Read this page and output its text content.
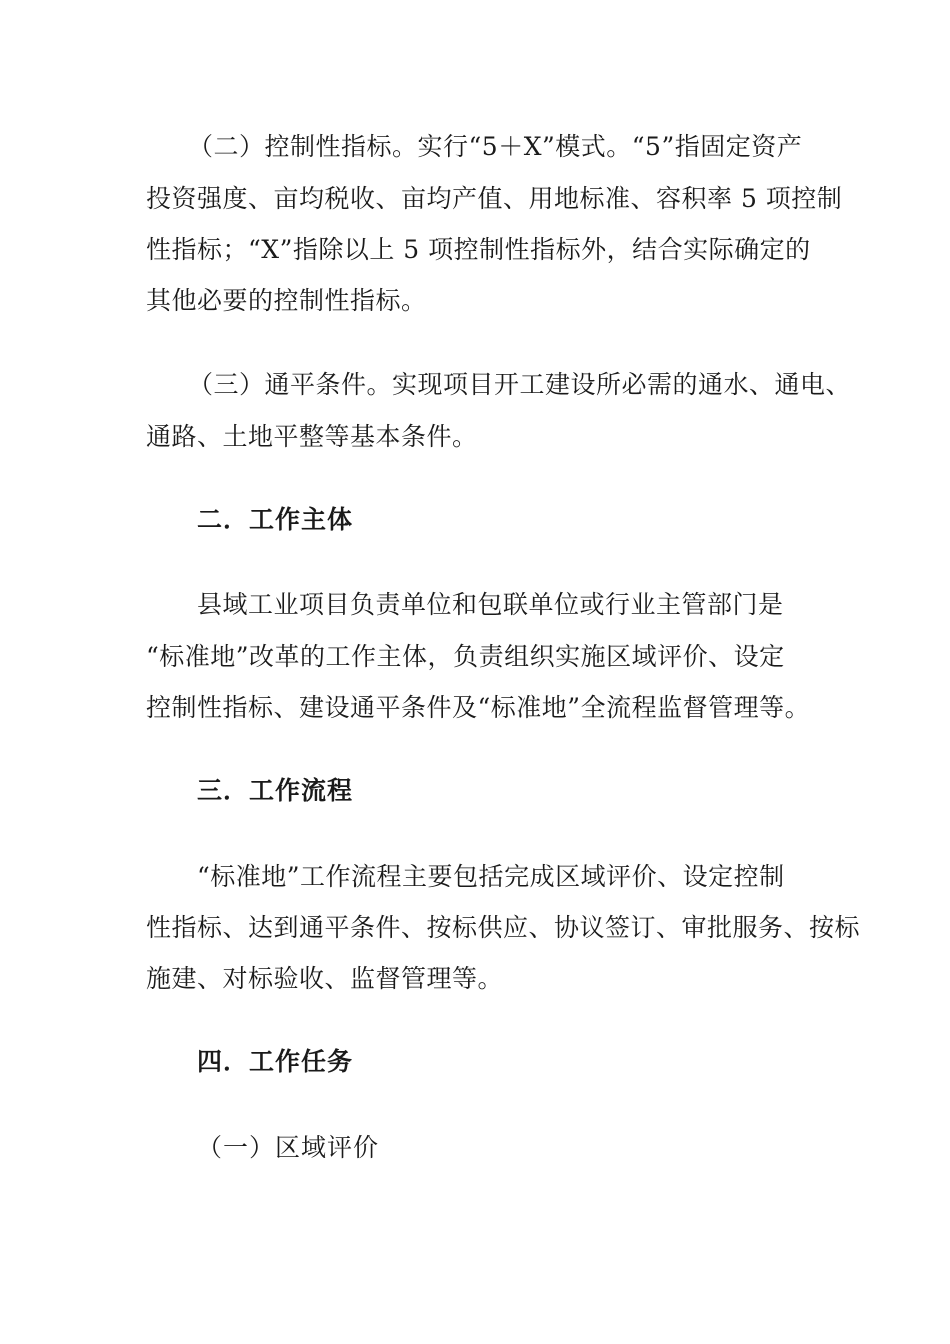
（二）控制性指标。实行“5＋X”模式。“5”指固定资产
投资强度、亩均税收、亩均产值、用地标准、容积率 5 项控制
性指标；“X”指除以上 5 项控制性指标外，结合实际确定的
其他必要的控制性指标。
（三）通平条件。实现项目开工建设所必需的通水、通电、
通路、土地平整等基本条件。
二．工作主体
县域工业项目负责单位和包联单位或行业主管部门是
“标准地”改革的工作主体，负责组织实施区域评价、设定
控制性指标、建设通平条件及“标准地”全流程监督管理等。
三．工作流程
“标准地”工作流程主要包括完成区域评价、设定控制
性指标、达到通平条件、按标供应、协议签订、审批服务、按标
施建、对标验收、监督管理等。
四．工作任务
（一）区域评价
